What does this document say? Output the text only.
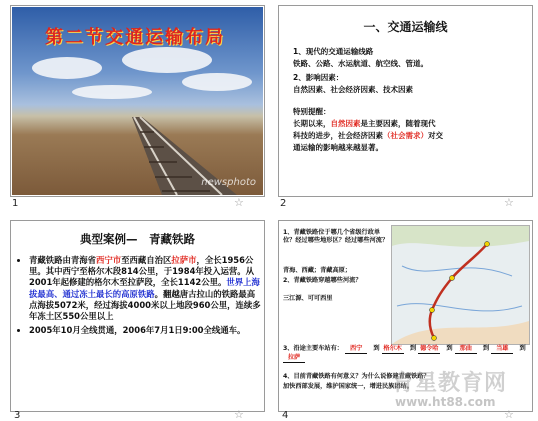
第二节交通运输布局
newsphoto
1	☆
一、交通运输线
1、现代的交通运输线路
铁路、公路、水运航道、航空线、管道。
2、影响因素：
自然因素、社会经济因素、技术因素
特别提醒：
长期以来，自然因素是主要因素，随着现代
科技的进步，社会经济因素（社会需求）对交
通运输的影响越来越显著。
2	☆
典型案例—　青藏铁路
• 青藏铁路由青海省西宁市至西藏自治区拉萨市，全长1956公里。其中西宁至格尔木段814公里，于1984年投入运营。从2001年起修建的格尔木至拉萨段，全长1142公里。世界上海拔最高、通过冻土最长的高原铁路。翻越唐古拉山的铁路最高点海拔5072米，经过海拔4000米以上地段960公里，连续多年冻土区550公里以上
• 2005年10月全线贯通，2006年7月1日9:00全线通车。
3	☆
1、青藏铁路位于哪几个省级行政单位？经过哪些地形区？经过哪些河流？
青海、西藏；青藏高原；
2、青藏铁路穿越哪些河流？
三江源、可可西里
3、沿途主要车站有： 西宁　到 格尔木　到 德令哈　到 那曲　到 当雄　到 拉萨
4、目前青藏铁路有何意义？为什么说修建青藏铁路？
加快西部发展，维护国家统一，增进民族团结。
4	☆
育星教育网
www.ht88.com
